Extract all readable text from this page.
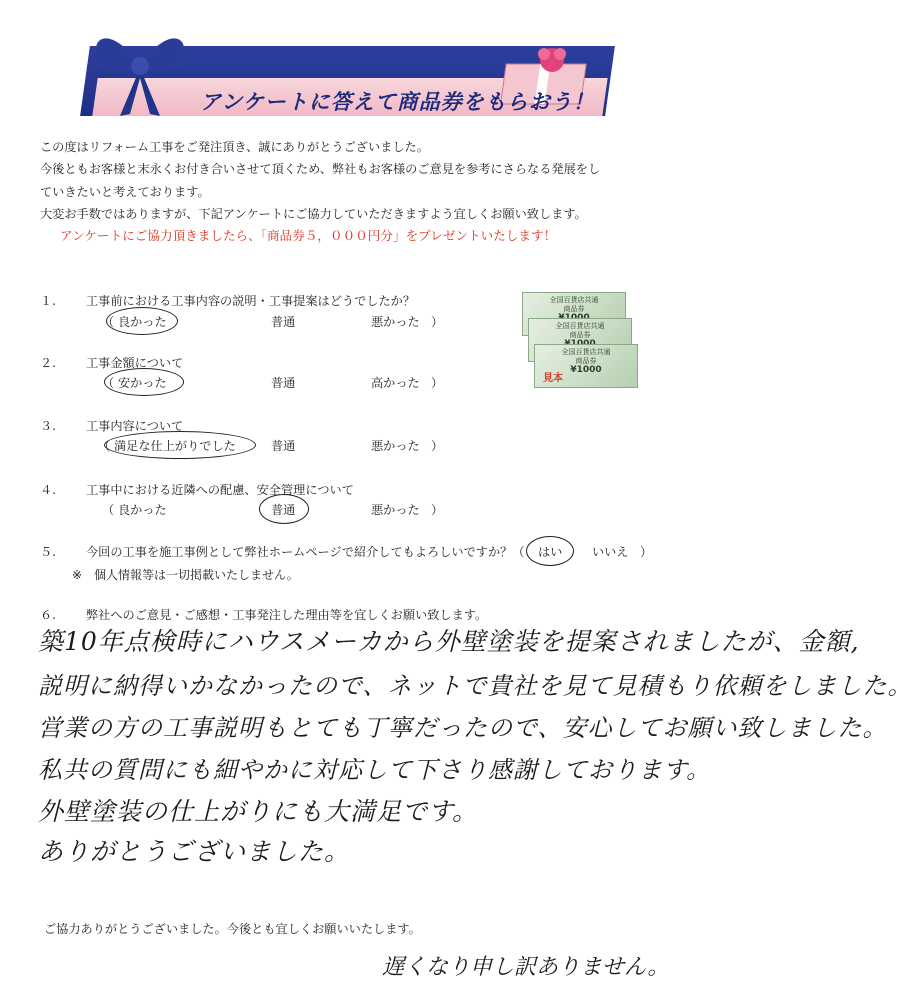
アンケートに答えて商品券をもらおう！

この度はリフォーム工事をご発注頂き、誠にありがとうございました。

今後ともお客様と末永くお付き合いさせて頂くため、弊社もお客様のご意見を参考にさらなる発展をし

ていきたいと考えております。

大変お手数ではありますが、下記アンケートにご協力していただきますよう宜しくお願い致します。

アンケートにご協力頂きましたら、「商品券５，０００円分」をプレゼントいたします！

全国百貨店共通
商品券
全国百貨店共通
商品券
全国百貨店共通
商品券
¥1000
見本
１. 工事前における工事内容の説明・工事提案はどうでしたか？
（ 良かった	普通	悪かった ）
２. 工事金額について
（ 安かった	普通	高かった ）
３. 工事内容について
（ 満足な仕上がりでした	普通	悪かった ）
４. 工事中における近隣への配慮、安全管理について
（ 良かった	普通	悪かった ）
５. 今回の工事を施工事例として弊社ホームページで紹介してもよろしいですか？（ はい いいえ ）
※　個人情報等は一切掲載いたしません。
６. 弊社へのご意見・ご感想・工事発注した理由等を宜しくお願い致します。
築10年点検時にハウスメーカから外壁塗装を提案されましたが、金額,
説明に納得いかなかったので、ネットで貴社を見て見積もり依頼をしました。
営業の方の工事説明もとても丁寧だったので、安心してお願い致しました。
私共の質問にも細やかに対応して下さり感謝しております。
外壁塗装の仕上がりにも大満足です。
ありがとうございました。
ご協力ありがとうございました。今後とも宜しくお願いいたします。
遅くなり申し訳ありません。
